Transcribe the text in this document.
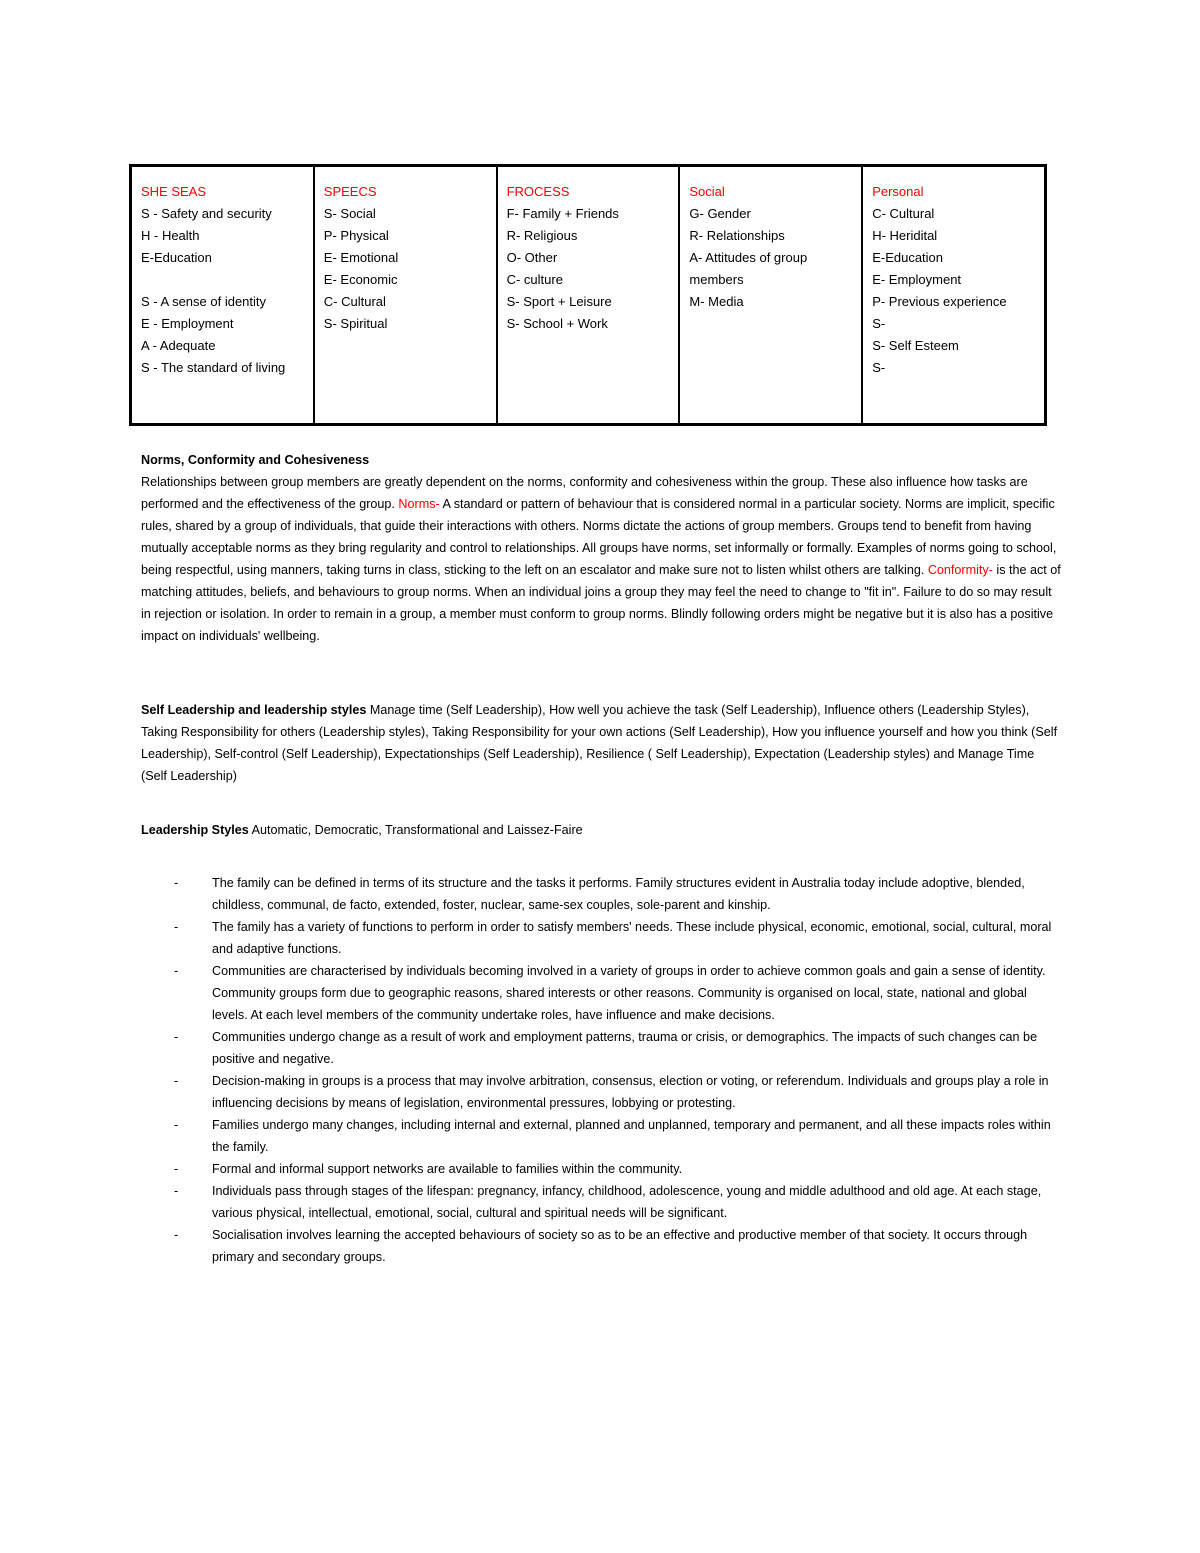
SHE SEAS
S - Safety and security
H - Health
E-Education
S - A sense of identity
E - Employment
A - Adequate
S - The standard of living
SPEECS
S- Social
P- Physical
E- Emotional
E- Economic
C- Cultural
S- Spiritual
FROCESS
F- Family + Friends
R- Religious
O- Other
C- culture
S- Sport + Leisure
S- School + Work
Social
G- Gender
R- Relationships
A- Attitudes of group
members
M- Media
Personal
C- Cultural
H- Heridital
E-Education
E- Employment
P- Previous experience
S-
S- Self Esteem
S-

Norms, Conformity and Cohesiveness

Relationships between group members are greatly dependent on the norms, conformity and cohesiveness within the group. These also influence how tasks are performed and the effectiveness of the group. Norms- A standard or pattern of behaviour that is considered normal in a particular society. Norms are implicit, specific rules, shared by a group of individuals, that guide their interactions with others. Norms dictate the actions of group members. Groups tend to benefit from having mutually acceptable norms as they bring regularity and control to relationships. All groups have norms, set informally or formally. Examples of norms going to school, being respectful, using manners, taking turns in class, sticking to the left on an escalator and make sure not to listen whilst others are talking. Conformity- is the act of matching attitudes, beliefs, and behaviours to group norms. When an individual joins a group they may feel the need to change to "fit in". Failure to do so may result in rejection or isolation. In order to remain in a group, a member must conform to group norms. Blindly following orders might be negative but it is also has a positive impact on individuals' wellbeing.

Self Leadership and leadership styles Manage time (Self Leadership), How well you achieve the task (Self Leadership), Influence others (Leadership Styles), Taking Responsibility for others (Leadership styles), Taking Responsibility for your own actions (Self Leadership), How you influence yourself and how you think (Self Leadership), Self-control (Self Leadership), Expectationships (Self Leadership), Resilience ( Self Leadership), Expectation (Leadership styles) and Manage Time (Self Leadership)

Leadership Styles Automatic, Democratic, Transformational and Laissez-Faire

-	The family can be defined in terms of its structure and the tasks it performs. Family structures evident in Australia today include adoptive, blended, childless, communal, de facto, extended, foster, nuclear, same-sex couples, sole-parent and kinship.
-	The family has a variety of functions to perform in order to satisfy members' needs. These include physical, economic, emotional, social, cultural, moral and adaptive functions.
-	Communities are characterised by individuals becoming involved in a variety of groups in order to achieve common goals and gain a sense of identity. Community groups form due to geographic reasons, shared interests or other reasons. Community is organised on local, state, national and global levels. At each level members of the community undertake roles, have influence and make decisions.
-	Communities undergo change as a result of work and employment patterns, trauma or crisis, or demographics. The impacts of such changes can be positive and negative.
-	Decision-making in groups is a process that may involve arbitration, consensus, election or voting, or referendum. Individuals and groups play a role in influencing decisions by means of legislation, environmental pressures, lobbying or protesting.
-	Families undergo many changes, including internal and external, planned and unplanned, temporary and permanent, and all these impacts roles within the family.
-	Formal and informal support networks are available to families within the community.
-	Individuals pass through stages of the lifespan: pregnancy, infancy, childhood, adolescence, young and middle adulthood and old age. At each stage, various physical, intellectual, emotional, social, cultural and spiritual needs will be significant.
-	Socialisation involves learning the accepted behaviours of society so as to be an effective and productive member of that society. It occurs through primary and secondary groups.
